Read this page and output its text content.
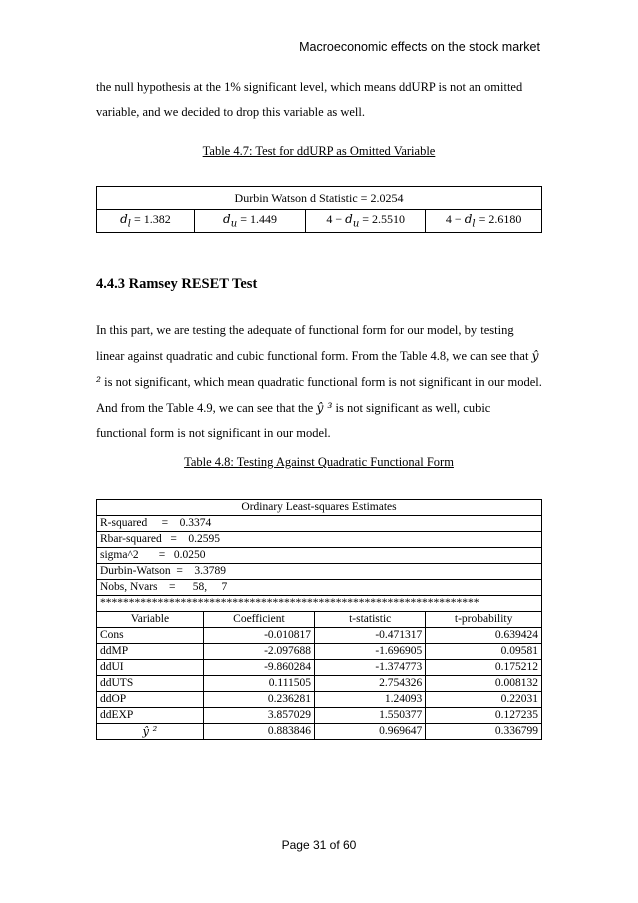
Macroeconomic effects on the stock market
the null hypothesis at the 1% significant level, which means ddURP is not an omitted variable, and we decided to drop this variable as well.
Table 4.7: Test for ddURP as Omitted Variable
Durbin Watson d Statistic = 2.0254
$d_l = 1.382$	$d_u = 1.449$	$4 - d_u = 2.5510$	$4 - d_l = 2.6180$
4.4.3 Ramsey RESET Test
In this part, we are testing the adequate of functional form for our model, by testing linear against quadratic and cubic functional form. From the Table 4.8, we can see that ŷ ² is not significant, which mean quadratic functional form is not significant in our model. And from the Table 4.9, we can see that the ŷ ³ is not significant as well, cubic functional form is not significant in our model.
Table 4.8: Testing Against Quadratic Functional Form
Ordinary Least-squares Estimates			
R-squared     =    0.3374			
Rbar-squared   =    0.2595			
sigma^2       =   0.0250			
Durbin-Watson  =    3.3789			
Nobs, Nvars    =      58,     7			
******************************************************************			
Variable	Coefficient	t-statistic	t-probability
Cons	-0.010817	-0.471317	0.639424
ddMP	-2.097688	-1.696905	0.09581
ddUI	-9.860284	-1.374773	0.175212
ddUTS	0.111505	2.754326	0.008132
ddOP	0.236281	1.24093	0.22031
ddEXP	3.857029	1.550377	0.127235
ŷ ²	0.883846	0.969647	0.336799
Page 31 of 60
